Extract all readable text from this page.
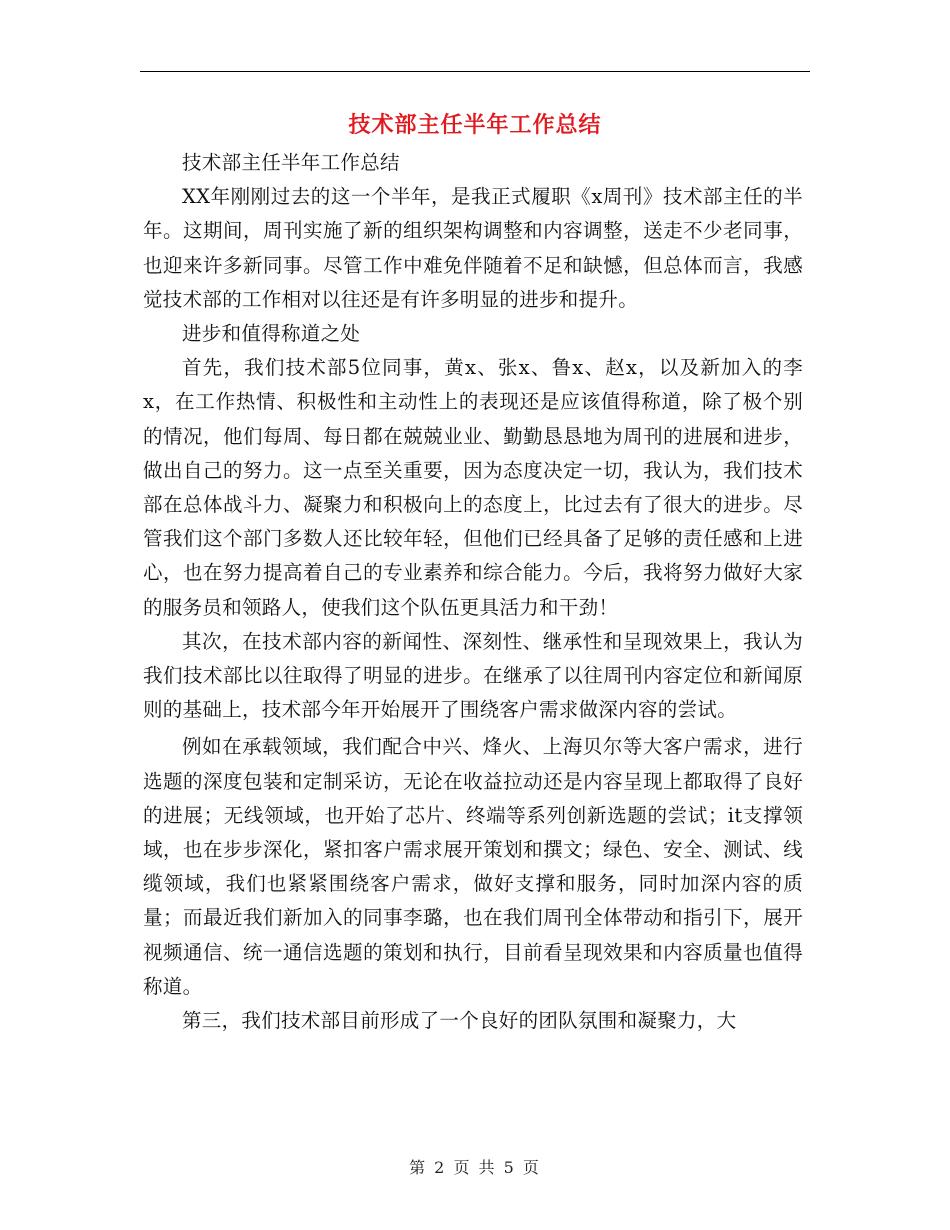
技术部主任半年工作总结

技术部主任半年工作总结

XX年刚刚过去的这一个半年，是我正式履职《x周刊》技术部主任的半年。这期间，周刊实施了新的组织架构调整和内容调整，送走不少老同事，也迎来许多新同事。尽管工作中难免伴随着不足和缺憾，但总体而言，我感觉技术部的工作相对以往还是有许多明显的进步和提升。

进步和值得称道之处

首先，我们技术部5位同事，黄x、张x、鲁x、赵x，以及新加入的李x，在工作热情、积极性和主动性上的表现还是应该值得称道，除了极个别的情况，他们每周、每日都在兢兢业业、勤勤恳恳地为周刊的进展和进步，做出自己的努力。这一点至关重要，因为态度决定一切，我认为，我们技术部在总体战斗力、凝聚力和积极向上的态度上，比过去有了很大的进步。尽管我们这个部门多数人还比较年轻，但他们已经具备了足够的责任感和上进心，也在努力提高着自己的专业素养和综合能力。今后，我将努力做好大家的服务员和领路人，使我们这个队伍更具活力和干劲！

其次，在技术部内容的新闻性、深刻性、继承性和呈现效果上，我认为我们技术部比以往取得了明显的进步。在继承了以往周刊内容定位和新闻原则的基础上，技术部今年开始展开了围绕客户需求做深内容的尝试。

例如在承载领域，我们配合中兴、烽火、上海贝尔等大客户需求，进行选题的深度包装和定制采访，无论在收益拉动还是内容呈现上都取得了良好的进展；无线领域，也开始了芯片、终端等系列创新选题的尝试；it支撑领域，也在步步深化，紧扣客户需求展开策划和撰文；绿色、安全、测试、线缆领域，我们也紧紧围绕客户需求，做好支撑和服务，同时加深内容的质量；而最近我们新加入的同事李璐，也在我们周刊全体带动和指引下，展开视频通信、统一通信选题的策划和执行，目前看呈现效果和内容质量也值得称道。

第三，我们技术部目前形成了一个良好的团队氛围和凝聚力，大

第 2 页 共 5 页
